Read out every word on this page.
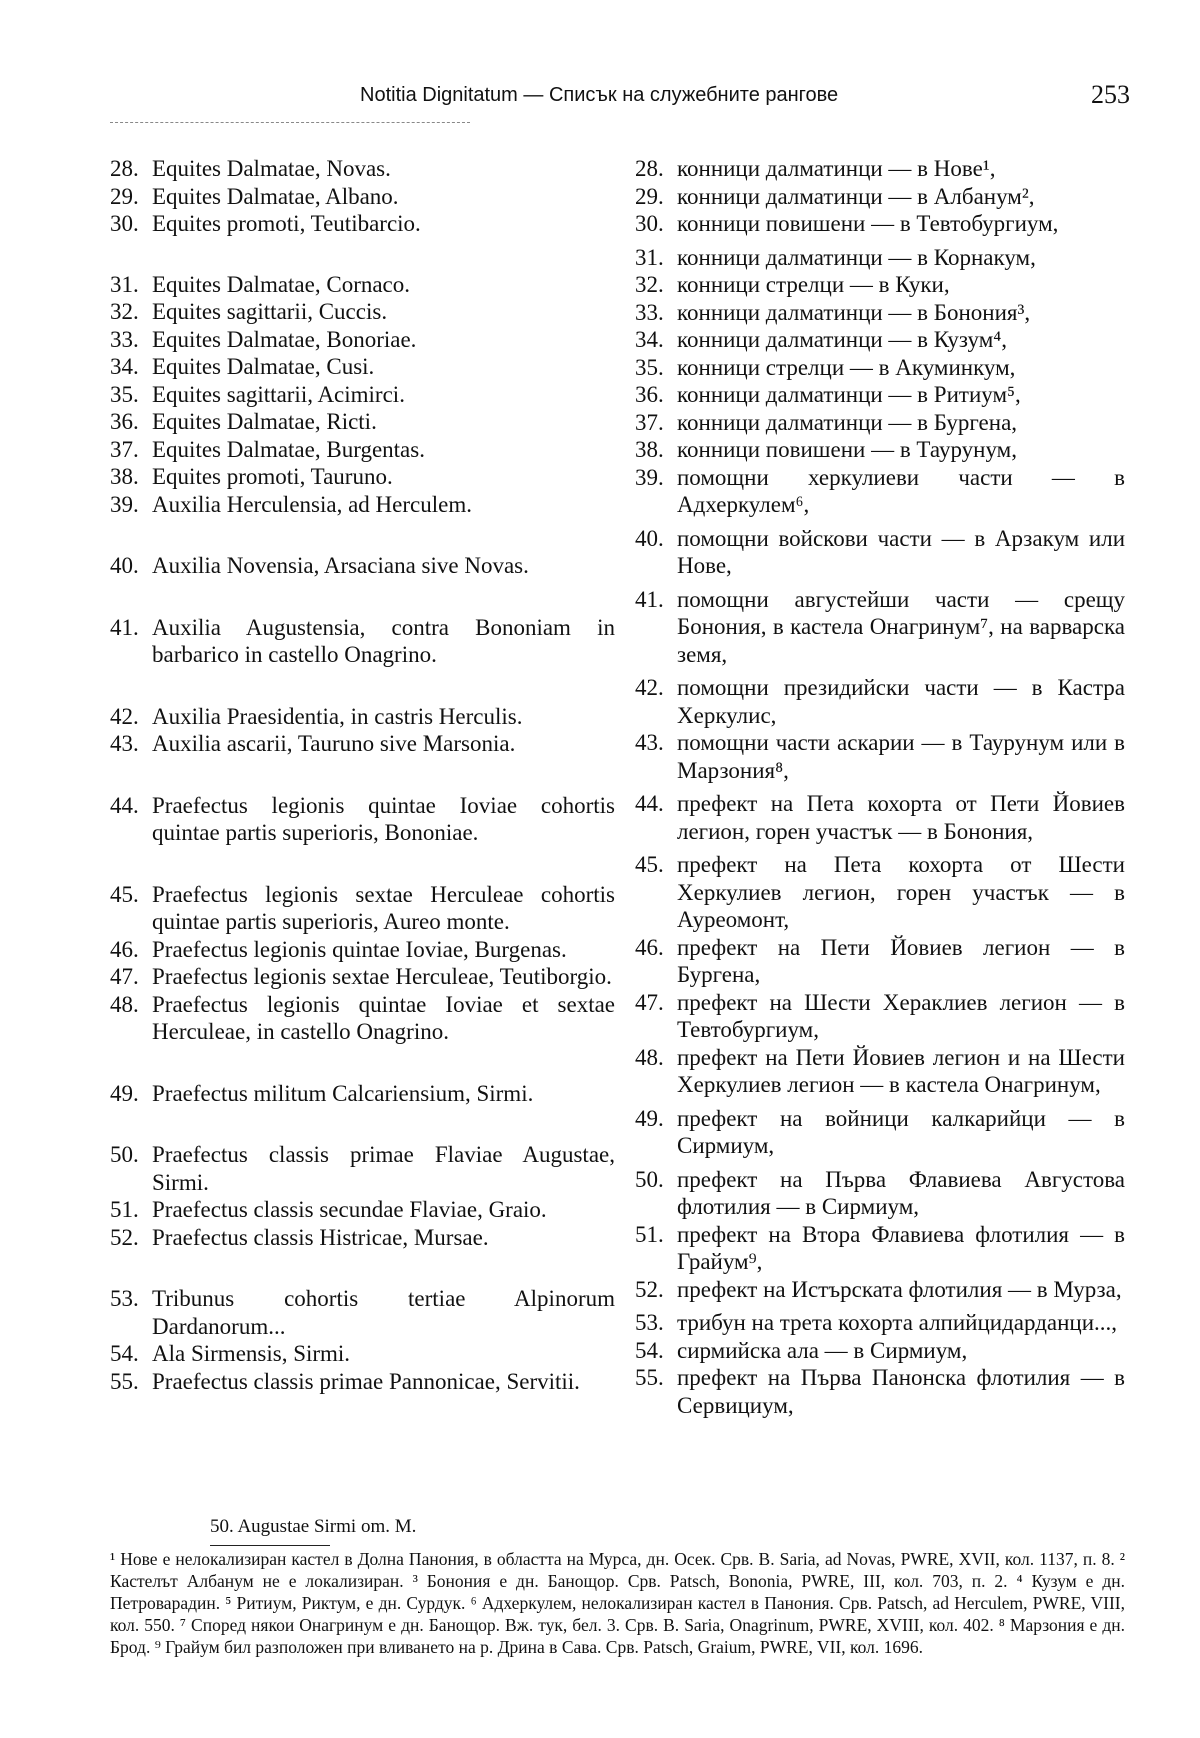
Notitia Dignitatum — Списък на служебните рангове	253
28. Equites Dalmatae, Novas.
29. Equites Dalmatae, Albano.
30. Equites promoti, Teutibarcio.
31. Equites Dalmatae, Cornaco.
32. Equites sagittarii, Cuccis.
33. Equites Dalmatae, Bonoriae.
34. Equites Dalmatae, Cusi.
35. Equites sagittarii, Acimirci.
36. Equites Dalmatae, Ricti.
37. Equites Dalmatae, Burgentas.
38. Equites promoti, Tauruno.
39. Auxilia Herculensia, ad Herculem.
40. Auxilia Novensia, Arsaciana sive Novas.
41. Auxilia Augustensia, contra Bononiam in barbarico in castello Onagrino.
42. Auxilia Praesidentia, in castris Herculis.
43. Auxilia ascarii, Tauruno sive Marsonia.
44. Praefectus legionis quintae Ioviae cohortis quintae partis superioris, Bononiae.
45. Praefectus legionis sextae Herculeae cohortis quintae partis superioris, Aureo monte.
46. Praefectus legionis quintae Ioviae, Burgenas.
47. Praefectus legionis sextae Herculeae, Teutiborgio.
48. Praefectus legionis quintae Ioviae et sextae Herculeae, in castello Onagrino.
49. Praefectus militum Calcariensium, Sirmi.
50. Praefectus classis primae Flaviae Augustae, Sirmi.
51. Praefectus classis secundae Flaviae, Graio.
52. Praefectus classis Histricae, Mursae.
53. Tribunus cohortis tertiae Alpinorum Dardanorum...
54. Ala Sirmensis, Sirmi.
55. Praefectus classis primae Pannonicae, Servitii.
28. конници далматинци — в Нове¹,
29. конници далматинци — в Албанум²,
30. конници повишени — в Тевтобургиум,
31. конници далматинци — в Корнакум,
32. конници стрелци — в Куки,
33. конници далматинци — в Бонония³,
34. конници далматинци — в Кузум⁴,
35. конници стрелци — в Акуминкум,
36. конници далматинци — в Ритиум⁵,
37. конници далматинци — в Бургена,
38. конници повишени — в Таурунум,
39. помощни херкулиеви части — в Адхеркулем⁶,
40. помощни войскови части — в Арзакум или Нове,
41. помощни августейши части — срещу Бонония, в кастела Онагринум⁷, на варварска земя,
42. помощни президийски части — в Кастра Херкулис,
43. помощни части аскарии — в Таурунум или в Марзония⁸,
44. префект на Пета кохорта от Пети Йовиев легион, горен участък — в Бонония,
45. префект на Пета кохорта от Шести Херкулиев легион, горен участък — в Ауреомонт,
46. префект на Пети Йовиев легион — в Бургена,
47. префект на Шести Хераклиев легион — в Тевтобургиум,
48. префект на Пети Йовиев легион и на Шести Херкулиев легион — в кастела Онагринум,
49. префект на войници калкарийци — в Сирмиум,
50. префект на Първа Флавиева Августова флотилия — в Сирмиум,
51. префект на Втора Флавиева флотилия — в Грайум⁹,
52. префект на Истърската флотилия — в Мурза,
53. трибун на трета кохорта алпийцидарданци...,
54. сирмийска ала — в Сирмиум,
55. префект на Първа Панонска флотилия — в Сервициум,
50. Augustae Sirmi om. M.

¹ Нове е нелокализиран кастел в Долна Панония, в областта на Мурса, дн. Осек. Срв. B. Saria, ad Novas, PWRE, XVII, кол. 1137, п. 8. ² Кастелът Албанум не е локализиран. ³ Бонония е дн. Банощор. Срв. Patsch, Bononia, PWRE, III, кол. 703, п. 2. ⁴ Кузум е дн. Петроварадин. ⁵ Ритиум, Риктум, е дн. Сурдук. ⁶ Адхеркулем, нелокализиран кастел в Панония. Срв. Patsch, ad Herculem, PWRE, VIII, кол. 550. ⁷ Според някои Онагринум е дн. Банощор. Вж. тук, бел. 3. Срв. B. Saria, Onagrinum, PWRE, XVIII, кол. 402. ⁸ Марзония е дн. Брод. ⁹ Грайум бил разположен при вливането на р. Дрина в Сава. Срв. Patsch, Graium, PWRE, VII, кол. 1696.
